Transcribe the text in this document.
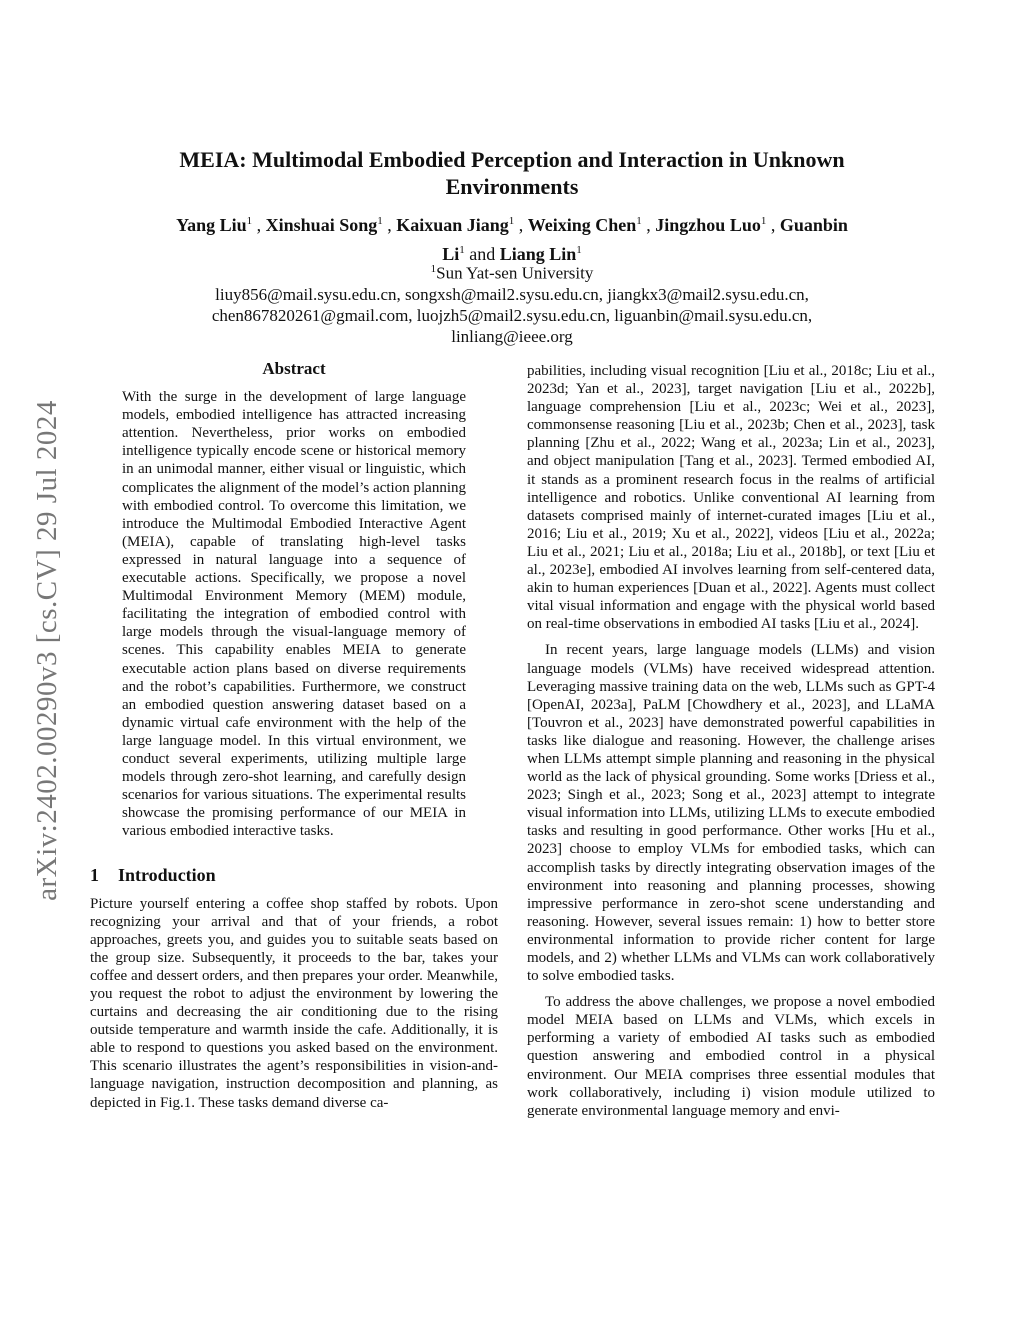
arXiv:2402.00290v3 [cs.CV] 29 Jul 2024
MEIA: Multimodal Embodied Perception and Interaction in Unknown
Environments
Yang Liu$^1$ , Xinshuai Song$^1$ , Kaixuan Jiang$^1$ , Weixing Chen$^1$ , Jingzhou Luo$^1$ , Guanbin
Li$^1$ and Liang Lin$^1$
$^1$Sun Yat-sen University
liuy856@mail.sysu.edu.cn, songxsh@mail2.sysu.edu.cn, jiangkx3@mail2.sysu.edu.cn,
chen867820261@gmail.com, luojzh5@mail2.sysu.edu.cn, liguanbin@mail.sysu.edu.cn,
linliang@ieee.org
Abstract

With the surge in the development of large language models, embodied intelligence has attracted increasing attention. Nevertheless, prior works on embodied intelligence typically encode scene or historical memory in an unimodal manner, either visual or linguistic, which complicates the alignment of the model’s action planning with embodied control. To overcome this limitation, we introduce the Multimodal Embodied Interactive Agent (MEIA), capable of translating high-level tasks expressed in natural language into a sequence of executable actions. Specifically, we propose a novel Multimodal Environment Memory (MEM) module, facilitating the integration of embodied control with large models through the visual-language memory of scenes. This capability enables MEIA to generate executable action plans based on diverse requirements and the robot’s capabilities. Furthermore, we construct an embodied question answering dataset based on a dynamic virtual cafe environment with the help of the large language model. In this virtual environment, we conduct several experiments, utilizing multiple large models through zero-shot learning, and carefully design scenarios for various situations. The experimental results showcase the promising performance of our MEIA in various embodied interactive tasks.

1 Introduction

Picture yourself entering a coffee shop staffed by robots. Upon recognizing your arrival and that of your friends, a robot approaches, greets you, and guides you to suitable seats based on the group size. Subsequently, it proceeds to the bar, takes your coffee and dessert orders, and then prepares your order. Meanwhile, you request the robot to adjust the environment by lowering the curtains and decreasing the air conditioning due to the rising outside temperature and warmth inside the cafe. Additionally, it is able to respond to questions you asked based on the environment. This scenario illustrates the agent’s responsibilities in vision-and-language navigation, instruction decomposition and planning, as depicted in Fig.1. These tasks demand diverse ca-

pabilities, including visual recognition [Liu et al., 2018c; Liu et al., 2023d; Yan et al., 2023], target navigation [Liu et al., 2022b], language comprehension [Liu et al., 2023c; Wei et al., 2023], commonsense reasoning [Liu et al., 2023b; Chen et al., 2023], task planning [Zhu et al., 2022; Wang et al., 2023a; Lin et al., 2023], and object manipulation [Tang et al., 2023]. Termed embodied AI, it stands as a prominent research focus in the realms of artificial intelligence and robotics. Unlike conventional AI learning from datasets comprised mainly of internet-curated images [Liu et al., 2016; Liu et al., 2019; Xu et al., 2022], videos [Liu et al., 2022a; Liu et al., 2021; Liu et al., 2018a; Liu et al., 2018b], or text [Liu et al., 2023e], embodied AI involves learning from self-centered data, akin to human experiences [Duan et al., 2022]. Agents must collect vital visual information and engage with the physical world based on real-time observations in embodied AI tasks [Liu et al., 2024].

In recent years, large language models (LLMs) and vision language models (VLMs) have received widespread attention. Leveraging massive training data on the web, LLMs such as GPT-4 [OpenAI, 2023a], PaLM [Chowdhery et al., 2023], and LLaMA [Touvron et al., 2023] have demonstrated powerful capabilities in tasks like dialogue and reasoning. However, the challenge arises when LLMs attempt simple planning and reasoning in the physical world as the lack of physical grounding. Some works [Driess et al., 2023; Singh et al., 2023; Song et al., 2023] attempt to integrate visual information into LLMs, utilizing LLMs to execute embodied tasks and resulting in good performance. Other works [Hu et al., 2023] choose to employ VLMs for embodied tasks, which can accomplish tasks by directly integrating observation images of the environment into reasoning and planning processes, showing impressive performance in zero-shot scene understanding and reasoning. However, several issues remain: 1) how to better store environmental information to provide richer content for large models, and 2) whether LLMs and VLMs can work collaboratively to solve embodied tasks.

To address the above challenges, we propose a novel embodied model MEIA based on LLMs and VLMs, which excels in performing a variety of embodied AI tasks such as embodied question answering and embodied control in a physical environment. Our MEIA comprises three essential modules that work collaboratively, including i) vision module utilized to generate environmental language memory and envi-
